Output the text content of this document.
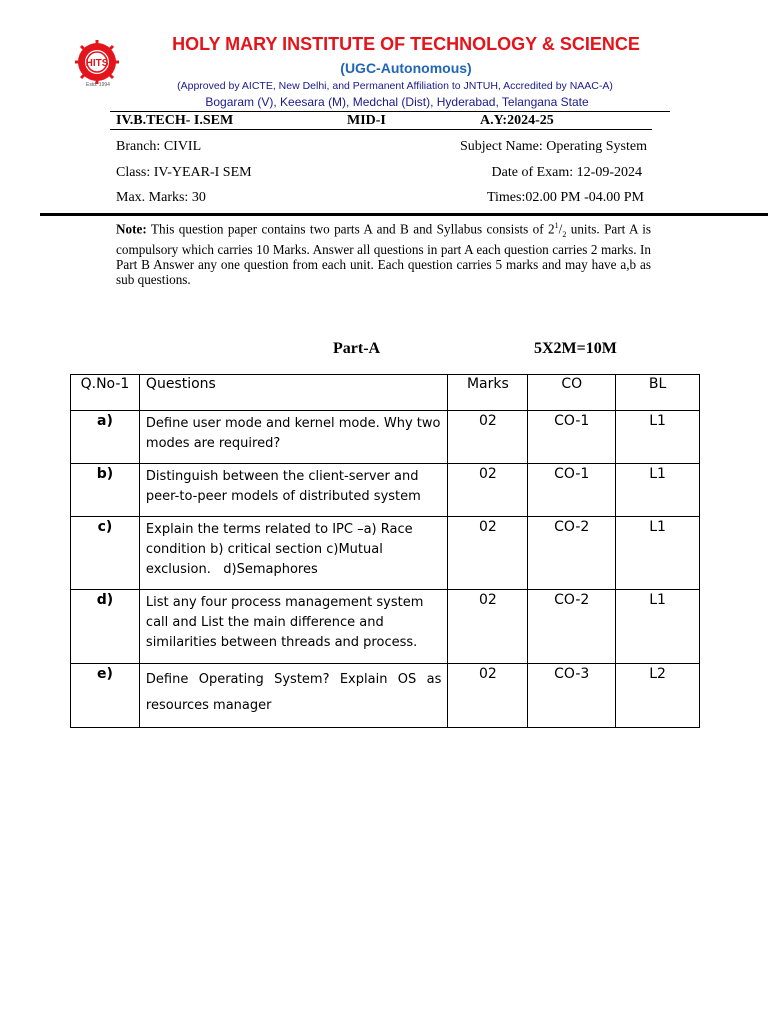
HITS
Estd. 1994
HOLY MARY INSTITUTE OF TECHNOLOGY & SCIENCE
(UGC-Autonomous)
(Approved by AICTE, New Delhi, and Permanent Affiliation to JNTUH, Accredited by NAAC-A)
Bogaram (V), Keesara (M), Medchal (Dist), Hyderabad, Telangana State
IV.B.TECH- I.SEM	MID-I	A.Y:2024-25
Branch: CIVIL	Subject Name: Operating System
Class: IV-YEAR-I SEM	Date of Exam: 12-09-2024
Max. Marks: 30	Times:02.00 PM -04.00 PM
Note: This question paper contains two parts A and B and Syllabus consists of $2^1/_2$ units. Part A is compulsory which carries 10 Marks. Answer all questions in part A each question carries 2 marks. In Part B Answer any one question from each unit. Each question carries 5 marks and may have a,b as sub questions.
Part-A	5X2M=10M
Q.No-1	Questions	Marks	CO	BL
a)	Define user mode and kernel mode. Why two modes are required?	02	CO-1	L1
b)	Distinguish between the client-server and peer-to-peer models of distributed system	02	CO-1	L1
c)	Explain the terms related to IPC –a) Race condition b) critical section c)Mutual exclusion.   d)Semaphores	02	CO-2	L1
d)	List any four process management system call and List the main difference and similarities between threads and process.	02	CO-2	L1
e)	Define Operating System? Explain OS as
resources manager	02	CO-3	L2
